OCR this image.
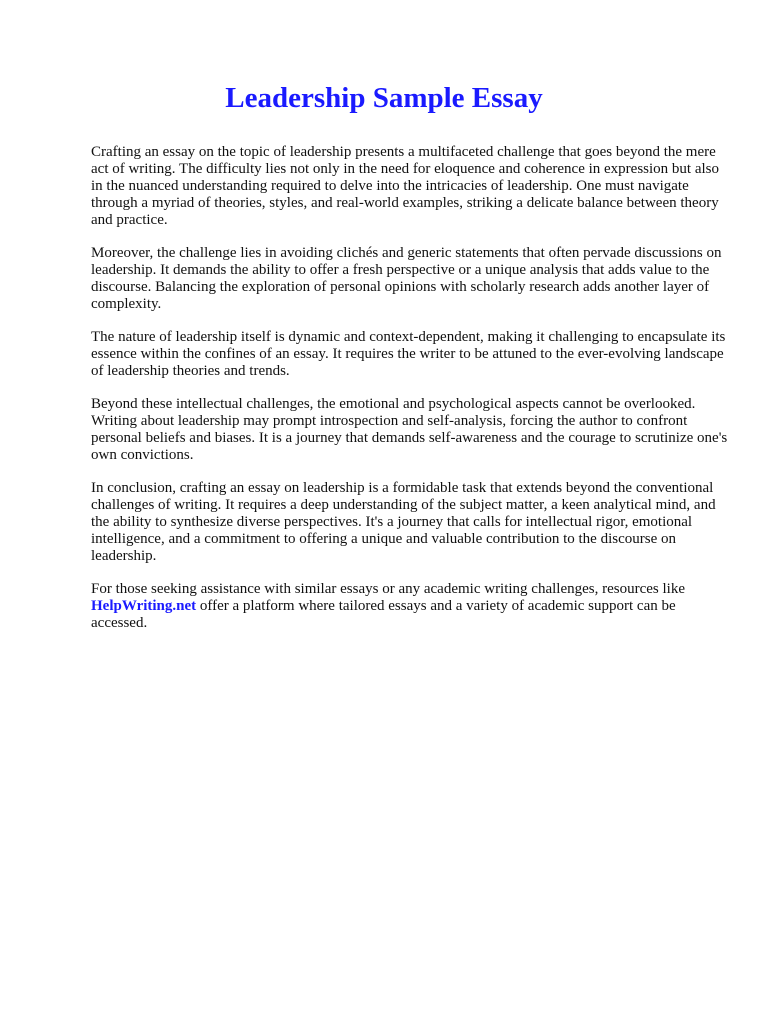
Leadership Sample Essay

Crafting an essay on the topic of leadership presents a multifaceted challenge that goes beyond the mere act of writing. The difficulty lies not only in the need for eloquence and coherence in expression but also in the nuanced understanding required to delve into the intricacies of leadership. One must navigate through a myriad of theories, styles, and real-world examples, striking a delicate balance between theory and practice.

Moreover, the challenge lies in avoiding clichés and generic statements that often pervade discussions on leadership. It demands the ability to offer a fresh perspective or a unique analysis that adds value to the discourse. Balancing the exploration of personal opinions with scholarly research adds another layer of complexity.

The nature of leadership itself is dynamic and context-dependent, making it challenging to encapsulate its essence within the confines of an essay. It requires the writer to be attuned to the ever-evolving landscape of leadership theories and trends.

Beyond these intellectual challenges, the emotional and psychological aspects cannot be overlooked. Writing about leadership may prompt introspection and self-analysis, forcing the author to confront personal beliefs and biases. It is a journey that demands self-awareness and the courage to scrutinize one's own convictions.

In conclusion, crafting an essay on leadership is a formidable task that extends beyond the conventional challenges of writing. It requires a deep understanding of the subject matter, a keen analytical mind, and the ability to synthesize diverse perspectives. It's a journey that calls for intellectual rigor, emotional intelligence, and a commitment to offering a unique and valuable contribution to the discourse on leadership.

For those seeking assistance with similar essays or any academic writing challenges, resources like HelpWriting.net offer a platform where tailored essays and a variety of academic support can be accessed.
